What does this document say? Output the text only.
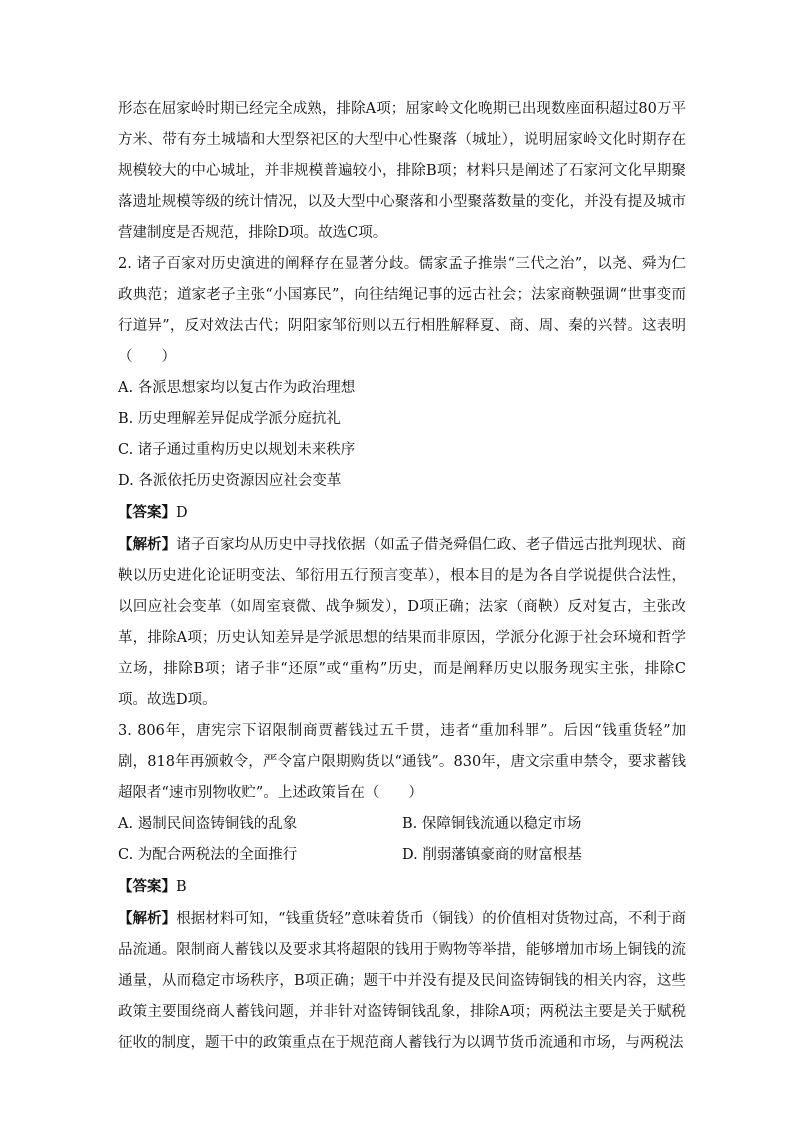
形态在屈家岭时期已经完全成熟，排除A项；屈家岭文化晚期已出现数座面积超过80万平方米、带有夯土城墙和大型祭祀区的大型中心性聚落（城址），说明屈家岭文化时期存在规模较大的中心城址，并非规模普遍较小，排除B项；材料只是阐述了石家河文化早期聚落遗址规模等级的统计情况，以及大型中心聚落和小型聚落数量的变化，并没有提及城市营建制度是否规范，排除D项。故选C项。

2. 诸子百家对历史演进的阐释存在显著分歧。儒家孟子推崇“三代之治”，以尧、舜为仁政典范；道家老子主张“小国寡民”，向往结绳记事的远古社会；法家商鞅强调“世事变而行道异”，反对效法古代；阴阳家邹衍则以五行相胜解释夏、商、周、秦的兴替。这表明（　　）

A. 各派思想家均以复古作为政治理想

B. 历史理解差异促成学派分庭抗礼

C. 诸子通过重构历史以规划未来秩序

D. 各派依托历史资源因应社会变革

【答案】D

【解析】诸子百家均从历史中寻找依据（如孟子借尧舜倡仁政、老子借远古批判现状、商鞅以历史进化论证明变法、邹衍用五行预言变革），根本目的是为各自学说提供合法性，以回应社会变革（如周室衰微、战争频发），D项正确；法家（商鞅）反对复古，主张改革，排除A项；历史认知差异是学派思想的结果而非原因，学派分化源于社会环境和哲学立场，排除B项；诸子非“还原”或“重构”历史，而是阐释历史以服务现实主张，排除C项。故选D项。

3. 806年，唐宪宗下诏限制商贾蓄钱过五千贯，违者“重加科罪”。后因“钱重货轻”加剧，818年再颁敕令，严令富户限期购货以“通钱”。830年，唐文宗重申禁令，要求蓄钱超限者“速市别物收贮”。上述政策旨在（　　）

A. 遏制民间盗铸铜钱的乱象	B. 保障铜钱流通以稳定市场

C. 为配合两税法的全面推行	D. 削弱藩镇豪商的财富根基

【答案】B

【解析】根据材料可知，“钱重货轻”意味着货币（铜钱）的价值相对货物过高，不利于商品流通。限制商人蓄钱以及要求其将超限的钱用于购物等举措，能够增加市场上铜钱的流通量，从而稳定市场秩序，B项正确；题干中并没有提及民间盗铸铜钱的相关内容，这些政策主要围绕商人蓄钱问题，并非针对盗铸铜钱乱象，排除A项；两税法主要是关于赋税征收的制度，题干中的政策重点在于规范商人蓄钱行为以调节货币流通和市场，与两税法
